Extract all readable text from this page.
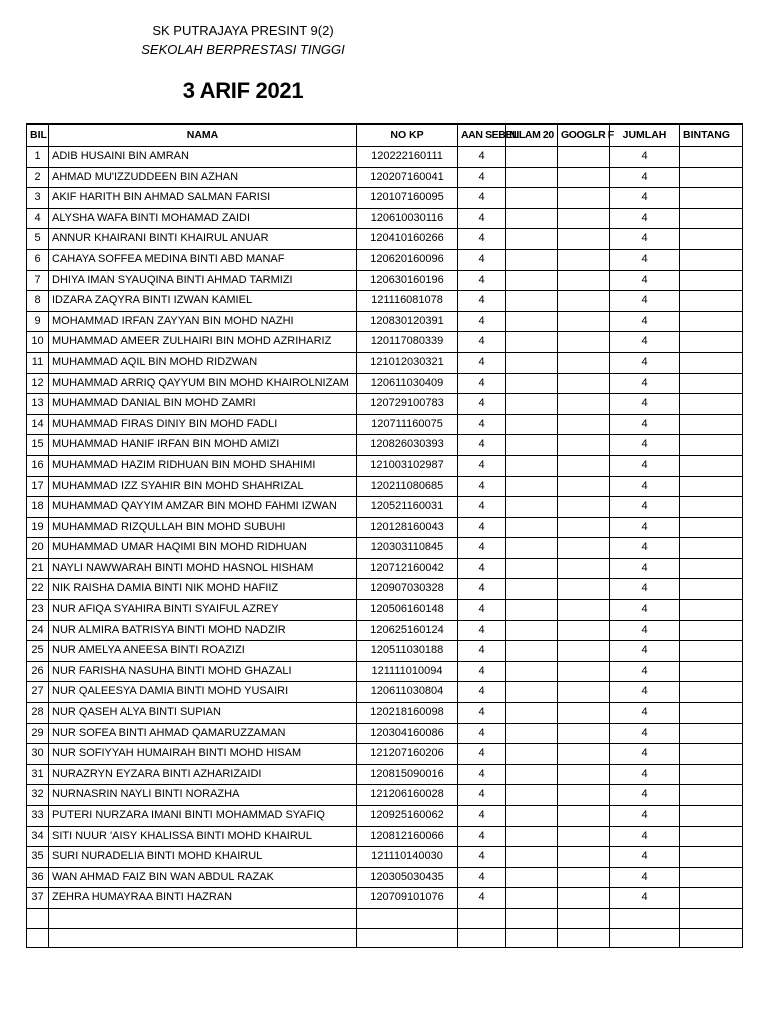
SK PUTRAJAYA PRESINT 9(2)
SEKOLAH BERPRESTASI TINGGI
3 ARIF 2021
BIL	NAMA	NO KP	AAN SEBEL	NILAM 20	GOOGLR F	JUMLAH	BINTANG
1	ADIB HUSAINI BIN AMRAN	120222160111	4			4	
2	AHMAD MU'IZZUDDEEN BIN AZHAN	120207160041	4			4	
3	AKIF HARITH BIN AHMAD SALMAN FARISI	120107160095	4			4	
4	ALYSHA WAFA BINTI MOHAMAD ZAIDI	120610030116	4			4	
5	ANNUR KHAIRANI BINTI KHAIRUL ANUAR	120410160266	4			4	
6	CAHAYA SOFFEA MEDINA BINTI ABD MANAF	120620160096	4			4	
7	DHIYA IMAN SYAUQINA BINTI AHMAD TARMIZI	120630160196	4			4	
8	IDZARA ZAQYRA BINTI IZWAN KAMIEL	121116081078	4			4	
9	MOHAMMAD IRFAN ZAYYAN BIN MOHD NAZHI	120830120391	4			4	
10	MUHAMMAD AMEER ZULHAIRI BIN MOHD AZRIHARIZ	120117080339	4			4	
11	MUHAMMAD AQIL BIN MOHD RIDZWAN	121012030321	4			4	
12	MUHAMMAD ARRIQ QAYYUM BIN MOHD KHAIROLNIZAM	120611030409	4			4	
13	MUHAMMAD DANIAL BIN MOHD ZAMRI	120729100783	4			4	
14	MUHAMMAD FIRAS DINIY BIN MOHD FADLI	120711160075	4			4	
15	MUHAMMAD HANIF IRFAN BIN MOHD AMIZI	120826030393	4			4	
16	MUHAMMAD HAZIM RIDHUAN BIN MOHD SHAHIMI	121003102987	4			4	
17	MUHAMMAD IZZ SYAHIR BIN MOHD SHAHRIZAL	120211080685	4			4	
18	MUHAMMAD QAYYIM AMZAR BIN MOHD FAHMI IZWAN	120521160031	4			4	
19	MUHAMMAD RIZQULLAH BIN MOHD SUBUHI	120128160043	4			4	
20	MUHAMMAD UMAR HAQIMI BIN MOHD RIDHUAN	120303110845	4			4	
21	NAYLI NAWWARAH BINTI MOHD HASNOL HISHAM	120712160042	4			4	
22	NIK RAISHA DAMIA BINTI NIK MOHD HAFIIZ	120907030328	4			4	
23	NUR AFIQA SYAHIRA BINTI SYAIFUL AZREY	120506160148	4			4	
24	NUR ALMIRA BATRISYA BINTI MOHD NADZIR	120625160124	4			4	
25	NUR AMELYA ANEESA BINTI ROAZIZI	120511030188	4			4	
26	NUR FARISHA NASUHA BINTI MOHD GHAZALI	121111010094	4			4	
27	NUR QALEESYA DAMIA BINTI MOHD YUSAIRI	120611030804	4			4	
28	NUR QASEH ALYA BINTI SUPIAN	120218160098	4			4	
29	NUR SOFEA BINTI AHMAD QAMARUZZAMAN	120304160086	4			4	
30	NUR SOFIYYAH HUMAIRAH BINTI MOHD HISAM	121207160206	4			4	
31	NURAZRYN EYZARA BINTI AZHARIZAIDI	120815090016	4			4	
32	NURNASRIN NAYLI BINTI NORAZHA	121206160028	4			4	
33	PUTERI NURZARA IMANI BINTI MOHAMMAD SYAFIQ	120925160062	4			4	
34	SITI NUUR 'AISY KHALISSA BINTI MOHD KHAIRUL	120812160066	4			4	
35	SURI NURADELIA BINTI MOHD KHAIRUL	121110140030	4			4	
36	WAN AHMAD FAIZ BIN WAN ABDUL RAZAK	120305030435	4			4	
37	ZEHRA HUMAYRAA BINTI HAZRAN	120709101076	4			4	
